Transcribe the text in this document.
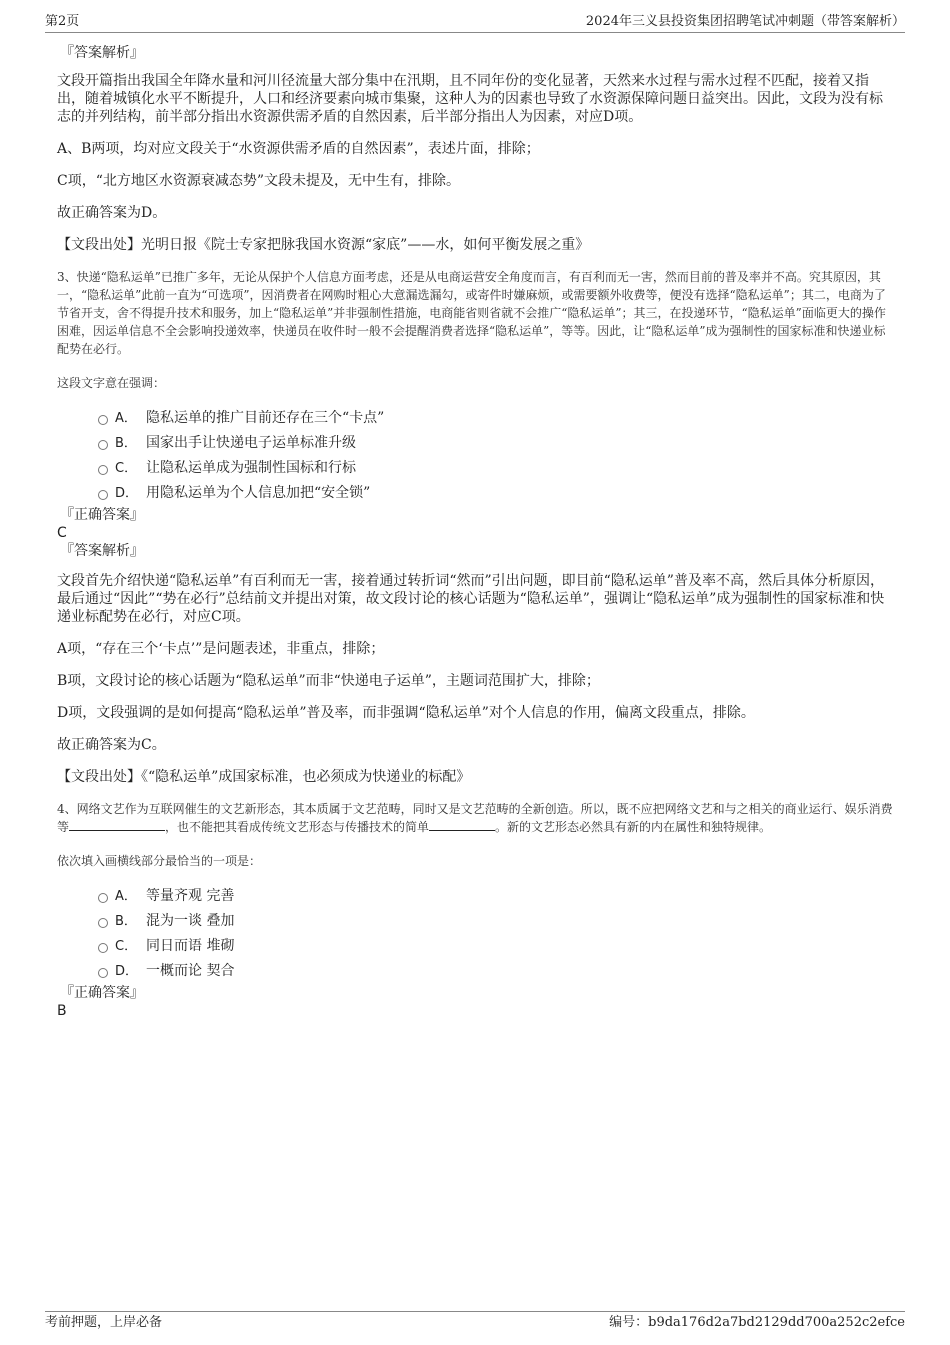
第2页	2024年三义县投资集团招聘笔试冲刺题（带答案解析）

『答案解析』

文段开篇指出我国全年降水量和河川径流量大部分集中在汛期，且不同年份的变化显著，天然来水过程与需水过程不匹配，接着又指出，随着城镇化水平不断提升，人口和经济要素向城市集聚，这种人为的因素也导致了水资源保障问题日益突出。因此，文段为没有标志的并列结构，前半部分指出水资源供需矛盾的自然因素，后半部分指出人为因素，对应D项。

A、B两项，均对应文段关于“水资源供需矛盾的自然因素”，表述片面，排除；

C项，“北方地区水资源衰减态势”文段未提及，无中生有，排除。

故正确答案为D。

【文段出处】光明日报《院士专家把脉我国水资源“家底”——水，如何平衡发展之重》

3、快递“隐私运单”已推广多年，无论从保护个人信息方面考虑，还是从电商运营安全角度而言，有百利而无一害，然而目前的普及率并不高。究其原因，其一，“隐私运单”此前一直为“可选项”，因消费者在网购时粗心大意漏选漏勾，或寄件时嫌麻烦，或需要额外收费等，便没有选择“隐私运单”；其二，电商为了节省开支，舍不得提升技术和服务，加上“隐私运单”并非强制性措施，电商能省则省就不会推广“隐私运单”；其三，在投递环节，“隐私运单”面临更大的操作困难，因运单信息不全会影响投递效率，快递员在收件时一般不会提醒消费者选择“隐私运单”，等等。因此，让“隐私运单”成为强制性的国家标准和快递业标配势在必行。

这段文字意在强调：

A． 隐私运单的推广目前还存在三个“卡点”
B． 国家出手让快递电子运单标准升级
C． 让隐私运单成为强制性国标和行标
D． 用隐私运单为个人信息加把“安全锁”

『正确答案』

C

『答案解析』

文段首先介绍快递“隐私运单”有百利而无一害，接着通过转折词“然而”引出问题，即目前“隐私运单”普及率不高，然后具体分析原因，最后通过“因此”“势在必行”总结前文并提出对策，故文段讨论的核心话题为“隐私运单”，强调让“隐私运单”成为强制性的国家标准和快递业标配势在必行，对应C项。

A项，“存在三个‘卡点’”是问题表述，非重点，排除；

B项，文段讨论的核心话题为“隐私运单”而非“快递电子运单”，主题词范围扩大，排除；

D项，文段强调的是如何提高“隐私运单”普及率，而非强调“隐私运单”对个人信息的作用，偏离文段重点，排除。

故正确答案为C。

【文段出处】《“隐私运单”成国家标准，也必须成为快递业的标配》

4、网络文艺作为互联网催生的文艺新形态，其本质属于文艺范畴，同时又是文艺范畴的全新创造。所以，既不应把网络文艺和与之相关的商业运行、娱乐消费等	，也不能把其看成传统文艺形态与传播技术的简单	。新的文艺形态必然具有新的内在属性和独特规律。

依次填入画横线部分最恰当的一项是：

A． 等量齐观 完善
B． 混为一谈 叠加
C． 同日而语 堆砌
D． 一概而论 契合

『正确答案』

B

考前押题，上岸必备	编号：b9da176d2a7bd2129dd700a252c2efce
